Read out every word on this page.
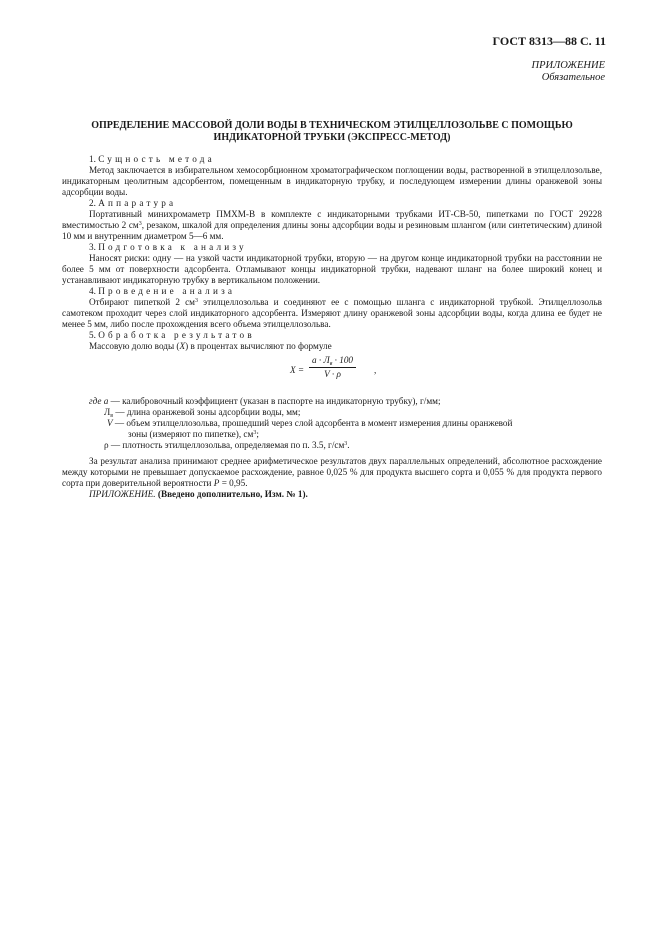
ГОСТ 8313—88 С. 11
ПРИЛОЖЕНИЕ
Обязательное
ОПРЕДЕЛЕНИЕ МАССОВОЙ ДОЛИ ВОДЫ В ТЕХНИЧЕСКОМ ЭТИЛЦЕЛЛОЗОЛЬВЕ С ПОМОЩЬЮ ИНДИКАТОРНОЙ ТРУБКИ (ЭКСПРЕСС-МЕТОД)

1. Сущность метода

Метод заключается в избирательном хемосорбционном хроматографическом поглощении воды, растворенной в этилцеллозольве, индикаторным цеолитным адсорбентом, помещенным в индикаторную трубку, и последующем измерении длины оранжевой зоны адсорбции воды.

2. Аппаратура

Портативный минихромаметр ПМХМ-В в комплекте с индикаторными трубками ИТ-СВ-50, пипетками по ГОСТ 29228 вместимостью 2 $см^3$, резаком, шкалой для определения длины зоны адсорбции воды и резиновым шлангом (или синтетическим) длиной 10 мм и внутренним диаметром 5—6 мм.

3. Подготовка к анализу

Наносят риски: одну — на узкой части индикаторной трубки, вторую — на другом конце индикаторной трубки на расстоянии не более 5 мм от поверхности адсорбента. Отламывают концы индикаторной трубки, надевают шланг на более широкий конец и устанавливают индикаторную трубку в вертикальном положении.

4. Проведение анализа

Отбирают пипеткой 2 $см^3$ этилцеллозольва и соединяют ее с помощью шланга с индикаторной трубкой. Этилцеллозольв самотеком проходит через слой индикаторного адсорбента. Измеряют длину оранжевой зоны адсорбции воды, когда длина ее будет не менее 5 мм, либо после прохождения всего объема этилцеллозольва.

5. Обработка результатов

Массовую долю воды (X) в процентах вычисляют по формуле

X =
$a \cdot Л_в \cdot 100$
V · ρ	,

где a — калибровочный коэффициент (указан в паспорте на индикаторную трубку), г/мм;

$Л_в$ — длина оранжевой зоны адсорбции воды, мм;

V — объем этилцеллозольва, прошедший через слой адсорбента в момент измерения длины оранжевой

зоны (измеряют по пипетке), $см^3$;

ρ — плотность этилцеллозольва, определяемая по п. 3.5, $г/см^3$.

За результат анализа принимают среднее арифметическое результатов двух параллельных определений, абсолютное расхождение между которыми не превышает допускаемое расхождение, равное 0,025 % для продукта высшего сорта и 0,055 % для продукта первого сорта при доверительной вероятности P = 0,95.

ПРИЛОЖЕНИЕ. (Введено дополнительно, Изм. № 1).
